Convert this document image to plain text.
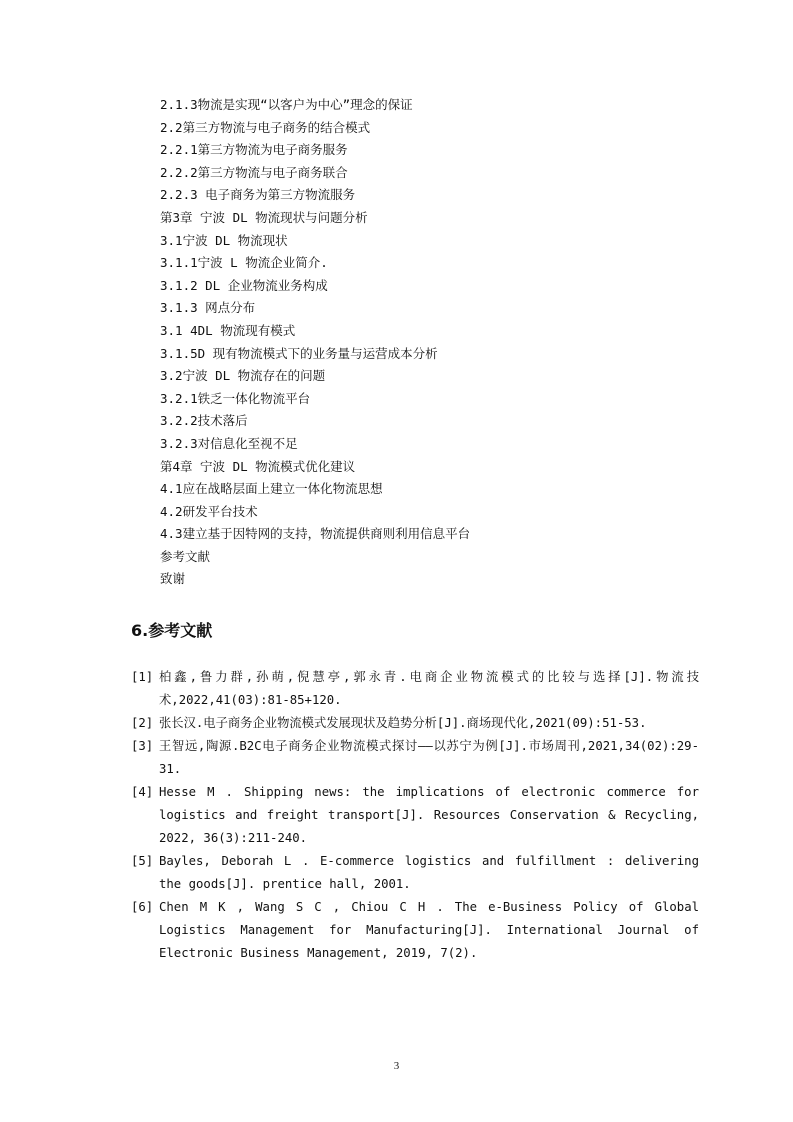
2.1.3物流是实现“以客户为中心”理念的保证
2.2第三方物流与电子商务的结合模式
2.2.1第三方物流为电子商务服务
2.2.2第三方物流与电子商务联合
2.2.3 电子商务为第三方物流服务
第3章 宁波 DL 物流现状与问题分析
3.1宁波 DL 物流现状
3.1.1宁波 L 物流企业简介.
3.1.2 DL 企业物流业务构成
3.1.3 网点分布
3.1 4DL 物流现有模式
3.1.5D 现有物流模式下的业务量与运营成本分析
3.2宁波 DL 物流存在的问题
3.2.1铁乏一体化物流平台
3.2.2技术落后
3.2.3对信息化至视不足
第4章 宁波 DL 物流模式优化建议
4.1应在战略层面上建立一体化物流思想
4.2研发平台技术
4.3建立基于因特网的支持，物流提供商则利用信息平台
参考文献
致谢
6.参考文献
[1] 柏鑫,鲁力群,孙萌,倪慧亭,郭永青.电商企业物流模式的比较与选择[J].物流技术,2022,41(03):81-85+120.
[2] 张长汉.电子商务企业物流模式发展现状及趋势分析[J].商场现代化,2021(09):51-53.
[3] 王智远,陶源.B2C电子商务企业物流模式探讨——以苏宁为例[J].市场周刊,2021,34(02):29-31.
[4] Hesse M . Shipping news: the implications of electronic commerce for logistics and freight transport[J]. Resources Conservation & Recycling, 2022, 36(3):211-240.
[5] Bayles, Deborah L . E-commerce logistics and fulfillment : delivering the goods[J]. prentice hall, 2001.
[6] Chen M K , Wang S C , Chiou C H . The e-Business Policy of Global Logistics Management for Manufacturing[J]. International Journal of Electronic Business Management, 2019, 7(2).
3
